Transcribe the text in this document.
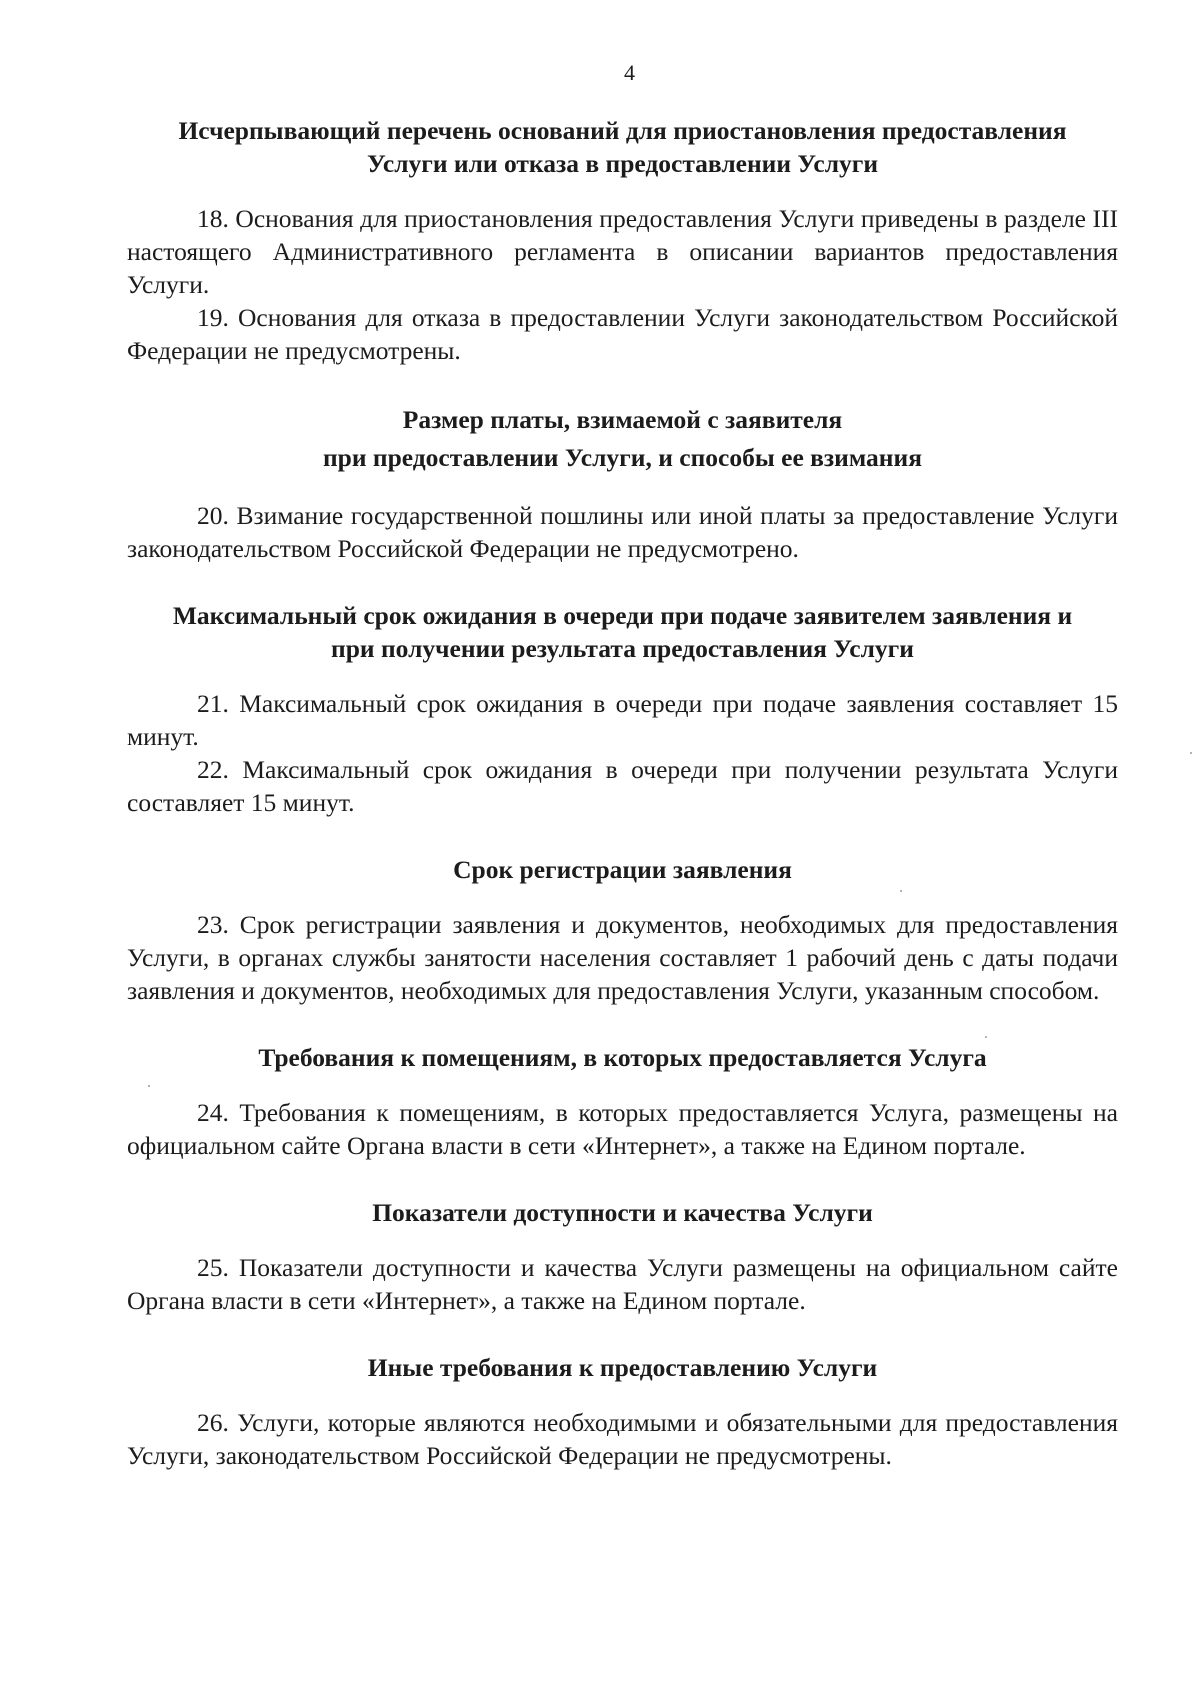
4
Исчерпывающий перечень оснований для приостановления предоставления
Услуги или отказа в предоставлении Услуги

18. Основания для приостановления предоставления Услуги приведены в разделе III настоящего Административного регламента в описании вариантов предоставления Услуги.

19. Основания для отказа в предоставлении Услуги законодательством Российской Федерации не предусмотрены.

Размер платы, взимаемой с заявителя
при предоставлении Услуги, и способы ее взимания

20. Взимание государственной пошлины или иной платы за предоставление Услуги законодательством Российской Федерации не предусмотрено.

Максимальный срок ожидания в очереди при подаче заявителем заявления и
при получении результата предоставления Услуги

21. Максимальный срок ожидания в очереди при подаче заявления составляет 15 минут.

22. Максимальный срок ожидания в очереди при получении результата Услуги составляет 15 минут.

Срок регистрации заявления

23. Срок регистрации заявления и документов, необходимых для предоставления Услуги, в органах службы занятости населения составляет 1 рабочий день с даты подачи заявления и документов, необходимых для предоставления Услуги, указанным способом.

Требования к помещениям, в которых предоставляется Услуга

24. Требования к помещениям, в которых предоставляется Услуга, размещены на официальном сайте Органа власти в сети «Интернет», а также на Едином портале.

Показатели доступности и качества Услуги

25. Показатели доступности и качества Услуги размещены на официальном сайте Органа власти в сети «Интернет», а также на Едином портале.

Иные требования к предоставлению Услуги

26. Услуги, которые являются необходимыми и обязательными для предоставления Услуги, законодательством Российской Федерации не предусмотрены.
